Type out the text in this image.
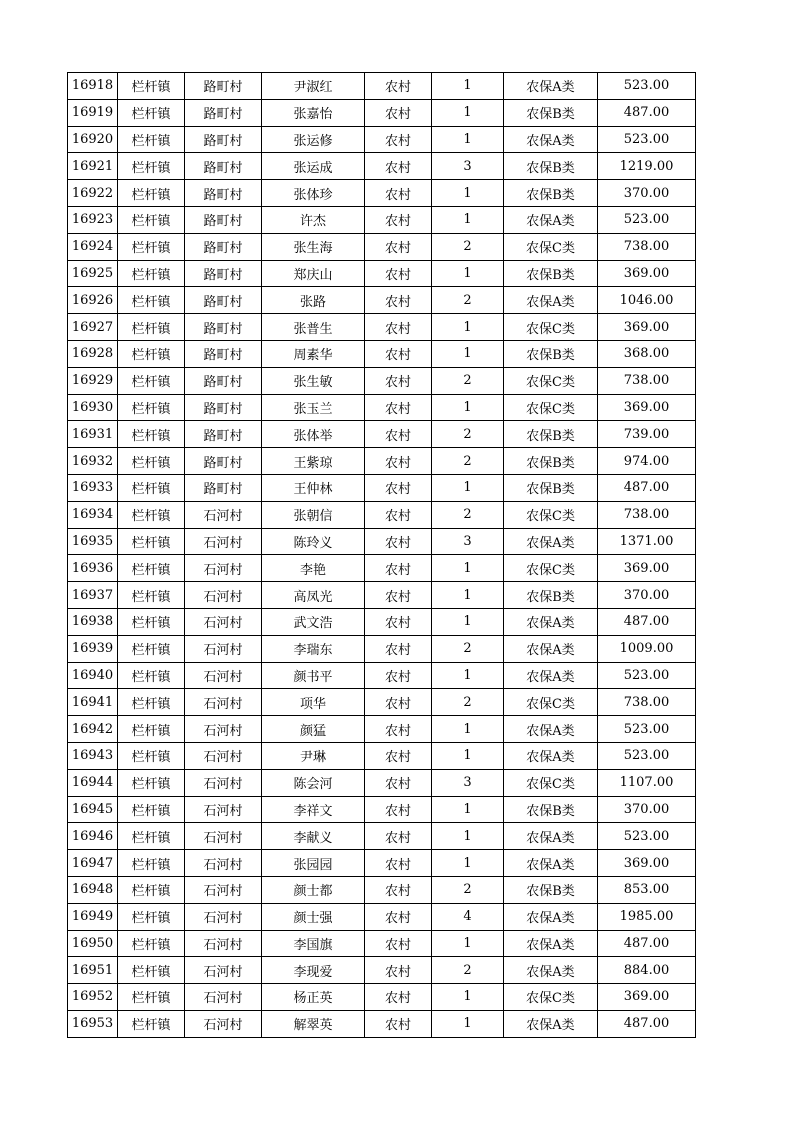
16918	栏杆镇	路町村	尹淑红	农村	1	农保A类	523.00
16919	栏杆镇	路町村	张嘉怡	农村	1	农保B类	487.00
16920	栏杆镇	路町村	张运修	农村	1	农保A类	523.00
16921	栏杆镇	路町村	张运成	农村	3	农保B类	1219.00
16922	栏杆镇	路町村	张体珍	农村	1	农保B类	370.00
16923	栏杆镇	路町村	许杰	农村	1	农保A类	523.00
16924	栏杆镇	路町村	张生海	农村	2	农保C类	738.00
16925	栏杆镇	路町村	郑庆山	农村	1	农保B类	369.00
16926	栏杆镇	路町村	张路	农村	2	农保A类	1046.00
16927	栏杆镇	路町村	张普生	农村	1	农保C类	369.00
16928	栏杆镇	路町村	周素华	农村	1	农保B类	368.00
16929	栏杆镇	路町村	张生敏	农村	2	农保C类	738.00
16930	栏杆镇	路町村	张玉兰	农村	1	农保C类	369.00
16931	栏杆镇	路町村	张体举	农村	2	农保B类	739.00
16932	栏杆镇	路町村	王紫琼	农村	2	农保B类	974.00
16933	栏杆镇	路町村	王仲林	农村	1	农保B类	487.00
16934	栏杆镇	石河村	张朝信	农村	2	农保C类	738.00
16935	栏杆镇	石河村	陈玲义	农村	3	农保A类	1371.00
16936	栏杆镇	石河村	李艳	农村	1	农保C类	369.00
16937	栏杆镇	石河村	高凤光	农村	1	农保B类	370.00
16938	栏杆镇	石河村	武文浩	农村	1	农保A类	487.00
16939	栏杆镇	石河村	李瑞东	农村	2	农保A类	1009.00
16940	栏杆镇	石河村	颜书平	农村	1	农保A类	523.00
16941	栏杆镇	石河村	项华	农村	2	农保C类	738.00
16942	栏杆镇	石河村	颜猛	农村	1	农保A类	523.00
16943	栏杆镇	石河村	尹琳	农村	1	农保A类	523.00
16944	栏杆镇	石河村	陈会河	农村	3	农保C类	1107.00
16945	栏杆镇	石河村	李祥文	农村	1	农保B类	370.00
16946	栏杆镇	石河村	李献义	农村	1	农保A类	523.00
16947	栏杆镇	石河村	张园园	农村	1	农保A类	369.00
16948	栏杆镇	石河村	颜士都	农村	2	农保B类	853.00
16949	栏杆镇	石河村	颜士强	农村	4	农保A类	1985.00
16950	栏杆镇	石河村	李国旗	农村	1	农保A类	487.00
16951	栏杆镇	石河村	李现爱	农村	2	农保A类	884.00
16952	栏杆镇	石河村	杨正英	农村	1	农保C类	369.00
16953	栏杆镇	石河村	解翠英	农村	1	农保A类	487.00
